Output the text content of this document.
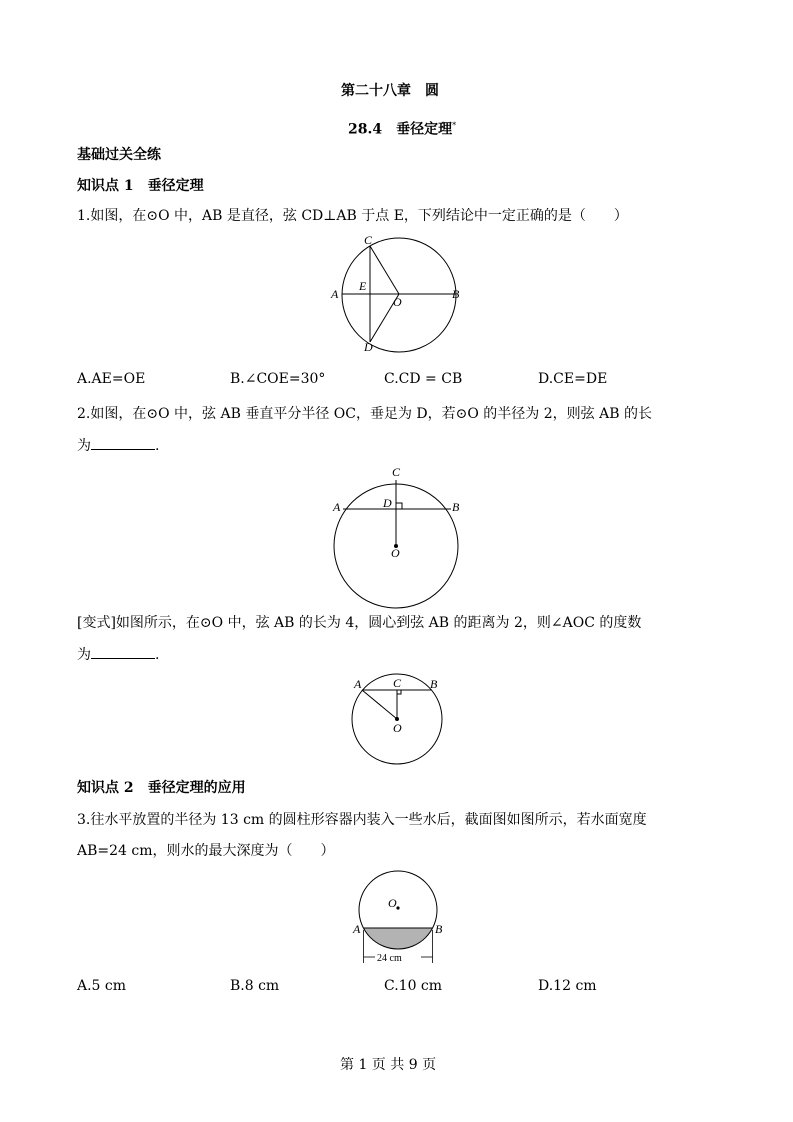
第二十八章　圆
28.4　垂径定理*
基础过关全练
知识点 1　垂径定理
1.如图，在⊙O 中，AB 是直径，弦 CD⊥AB 于点 E，下列结论中一定正确的是（　　）
C
A
E
O
B
D
A.AE=OE	B.∠COE=30°	C.CD = CB	D.CE=DE
2.如图，在⊙O 中，弦 AB 垂直平分半径 OC，垂足为 D，若⊙O 的半径为 2，则弦 AB 的长
为	.
C
A	D	B
O
[变式]如图所示，在⊙O 中，弦 AB 的长为 4，圆心到弦 AB 的距离为 2，则∠AOC 的度数
为	.
A	C B
O
知识点 2　垂径定理的应用
3.往水平放置的半径为 13 cm 的圆柱形容器内装入一些水后，截面图如图所示，若水面宽度
AB=24 cm，则水的最大深度为（　　）
O
A	B
24 cm
A.5 cm	B.8 cm	C.10 cm	D.12 cm
第 1 页 共 9 页
